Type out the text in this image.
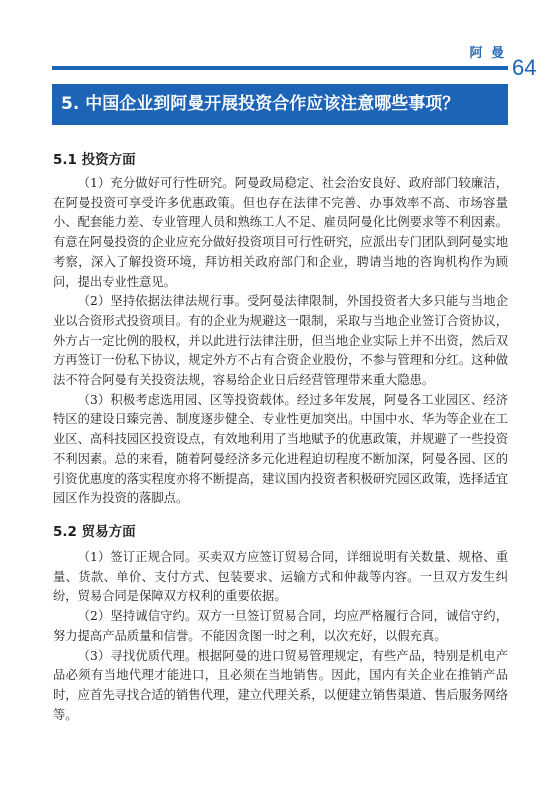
阿 曼
64
5. 中国企业到阿曼开展投资合作应该注意哪些事项？
5.1 投资方面

（1）充分做好可行性研究。阿曼政局稳定、社会治安良好、政府部门较廉洁，在阿曼投资可享受许多优惠政策。但也存在法律不完善、办事效率不高、市场容量小、配套能力差、专业管理人员和熟练工人不足、雇员阿曼化比例要求等不利因素。有意在阿曼投资的企业应充分做好投资项目可行性研究，应派出专门团队到阿曼实地考察，深入了解投资环境，拜访相关政府部门和企业，聘请当地的咨询机构作为顾问，提出专业性意见。

（2）坚持依据法律法规行事。受阿曼法律限制，外国投资者大多只能与当地企业以合资形式投资项目。有的企业为规避这一限制，采取与当地企业签订合资协议，外方占一定比例的股权，并以此进行法律注册，但当地企业实际上并不出资，然后双方再签订一份私下协议，规定外方不占有合资企业股份，不参与管理和分红。这种做法不符合阿曼有关投资法规，容易给企业日后经营管理带来重大隐患。

（3）积极考虑选用园、区等投资载体。经过多年发展，阿曼各工业园区、经济特区的建设日臻完善、制度逐步健全、专业性更加突出。中国中水、华为等企业在工业区、高科技园区投资设点，有效地利用了当地赋予的优惠政策，并规避了一些投资不利因素。总的来看，随着阿曼经济多元化进程迫切程度不断加深，阿曼各园、区的引资优惠度的落实程度亦将不断提高，建议国内投资者积极研究园区政策，选择适宜园区作为投资的落脚点。

5.2 贸易方面

（1）签订正规合同。买卖双方应签订贸易合同，详细说明有关数量、规格、重量、货款、单价、支付方式、包装要求、运输方式和仲裁等内容。一旦双方发生纠纷，贸易合同是保障双方权利的重要依据。

（2）坚持诚信守约。双方一旦签订贸易合同，均应严格履行合同，诚信守约，努力提高产品质量和信誉。不能因贪图一时之利，以次充好，以假充真。

（3）寻找优质代理。根据阿曼的进口贸易管理规定，有些产品，特别是机电产品必须有当地代理才能进口，且必须在当地销售。因此，国内有关企业在推销产品时，应首先寻找合适的销售代理，建立代理关系，以便建立销售渠道、售后服务网络等。
